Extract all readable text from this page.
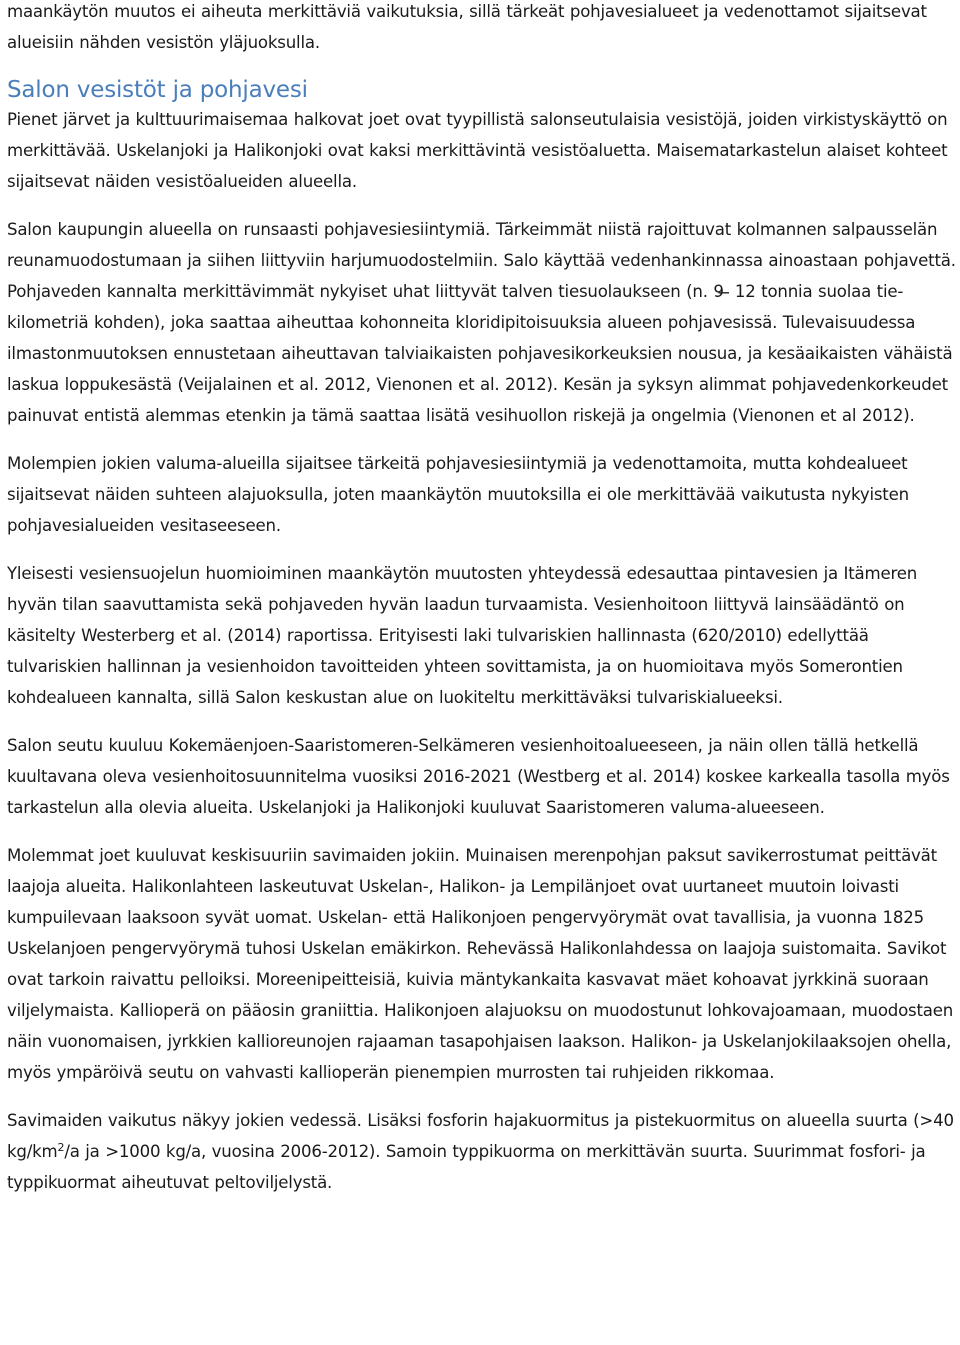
maankäytön muutos ei aiheuta merkittäviä vaikutuksia, sillä tärkeät pohjavesialueet ja vedenottamot sijaitsevat alueisiin nähden vesistön yläjuoksulla.

Salon vesistöt ja pohjavesi

Pienet järvet ja kulttuurimaisemaa halkovat joet ovat tyypillistä salonseutulaisia vesistöjä, joiden virkistyskäyttö on merkittävää. Uskelanjoki ja Halikonjoki ovat kaksi merkittävintä vesistöaluetta. Maisematarkastelun alaiset kohteet sijaitsevat näiden vesistöalueiden alueella.

Salon kaupungin alueella on runsaasti pohjavesiesiintymiä. Tärkeimmät niistä rajoittuvat kolmannen salpausselän reunamuodostumaan ja siihen liittyviin harjumuodostelmiin. Salo käyttää vedenhankinnassa ainoastaan pohjavettä. Pohjaveden kannalta merkittävimmät nykyiset uhat liittyvät talven tiesuolaukseen (n. 9 ̶ 12 tonnia suolaa tie-kilometriä kohden), joka saattaa aiheuttaa kohonneita kloridipitoisuuksia alueen pohjavesissä. Tulevaisuudessa ilmastonmuutoksen ennustetaan aiheuttavan talviaikaisten pohjavesikorkeuksien nousua, ja kesäaikaisten vähäistä laskua loppukesästä (Veijalainen et al. 2012, Vienonen et al. 2012). Kesän ja syksyn alimmat pohjavedenkorkeudet painuvat entistä alemmas etenkin ja tämä saattaa lisätä vesihuollon riskejä ja ongelmia (Vienonen et al 2012).

Molempien jokien valuma-alueilla sijaitsee tärkeitä pohjavesiesiintymiä ja vedenottamoita, mutta kohdealueet sijaitsevat näiden suhteen alajuoksulla, joten maankäytön muutoksilla ei ole merkittävää vaikutusta nykyisten pohjavesialueiden vesitaseeseen.

Yleisesti vesiensuojelun huomioiminen maankäytön muutosten yhteydessä edesauttaa pintavesien ja Itämeren hyvän tilan saavuttamista sekä pohjaveden hyvän laadun turvaamista. Vesienhoitoon liittyvä lainsäädäntö on käsitelty Westerberg et al. (2014) raportissa. Erityisesti laki tulvariskien hallinnasta (620/2010) edellyttää tulvariskien hallinnan ja vesienhoidon tavoitteiden yhteen sovittamista, ja on huomioitava myös Somerontien kohdealueen kannalta, sillä Salon keskustan alue on luokiteltu merkittäväksi tulvariskialueeksi.

Salon seutu kuuluu Kokemäenjoen-Saaristomeren-Selkämeren vesienhoitoalueeseen, ja näin ollen tällä hetkellä kuultavana oleva vesienhoitosuunnitelma vuosiksi 2016-2021 (Westberg et al. 2014) koskee karkealla tasolla myös tarkastelun alla olevia alueita. Uskelanjoki ja Halikonjoki kuuluvat Saaristomeren valuma-alueeseen.

Molemmat joet kuuluvat keskisuuriin savimaiden jokiin. Muinaisen merenpohjan paksut savikerrostumat peittävät laajoja alueita. Halikonlahteen laskeutuvat Uskelan-, Halikon- ja Lempilänjoet ovat uurtaneet muutoin loivasti kumpuilevaan laaksoon syvät uomat. Uskelan- että Halikonjoen pengervyörymät ovat tavallisia, ja vuonna 1825 Uskelanjoen pengervyörymä tuhosi Uskelan emäkirkon. Rehevässä Halikonlahdessa on laajoja suistomaita. Savikot ovat tarkoin raivattu pelloiksi. Moreenipeitteisiä, kuivia mäntykankaita kasvavat mäet kohoavat jyrkkinä suoraan viljelymaista. Kallioperä on pääosin graniittia. Halikonjoen alajuoksu on muodostunut lohkovajoamaan, muodostaen näin vuonomaisen, jyrkkien kallioreunojen rajaaman tasapohjaisen laakson. Halikon- ja Uskelanjokilaaksojen ohella, myös ympäröivä seutu on vahvasti kallioperän pienempien murrosten tai ruhjeiden rikkomaa.

Savimaiden vaikutus näkyy jokien vedessä. Lisäksi fosforin hajakuormitus ja pistekuormitus on alueella suurta (>40 $kg/km^2/a$ ja >1000 kg/a, vuosina 2006-2012). Samoin typpikuorma on merkittävän suurta. Suurimmat fosfori- ja typpikuormat aiheutuvat peltoviljelystä.
